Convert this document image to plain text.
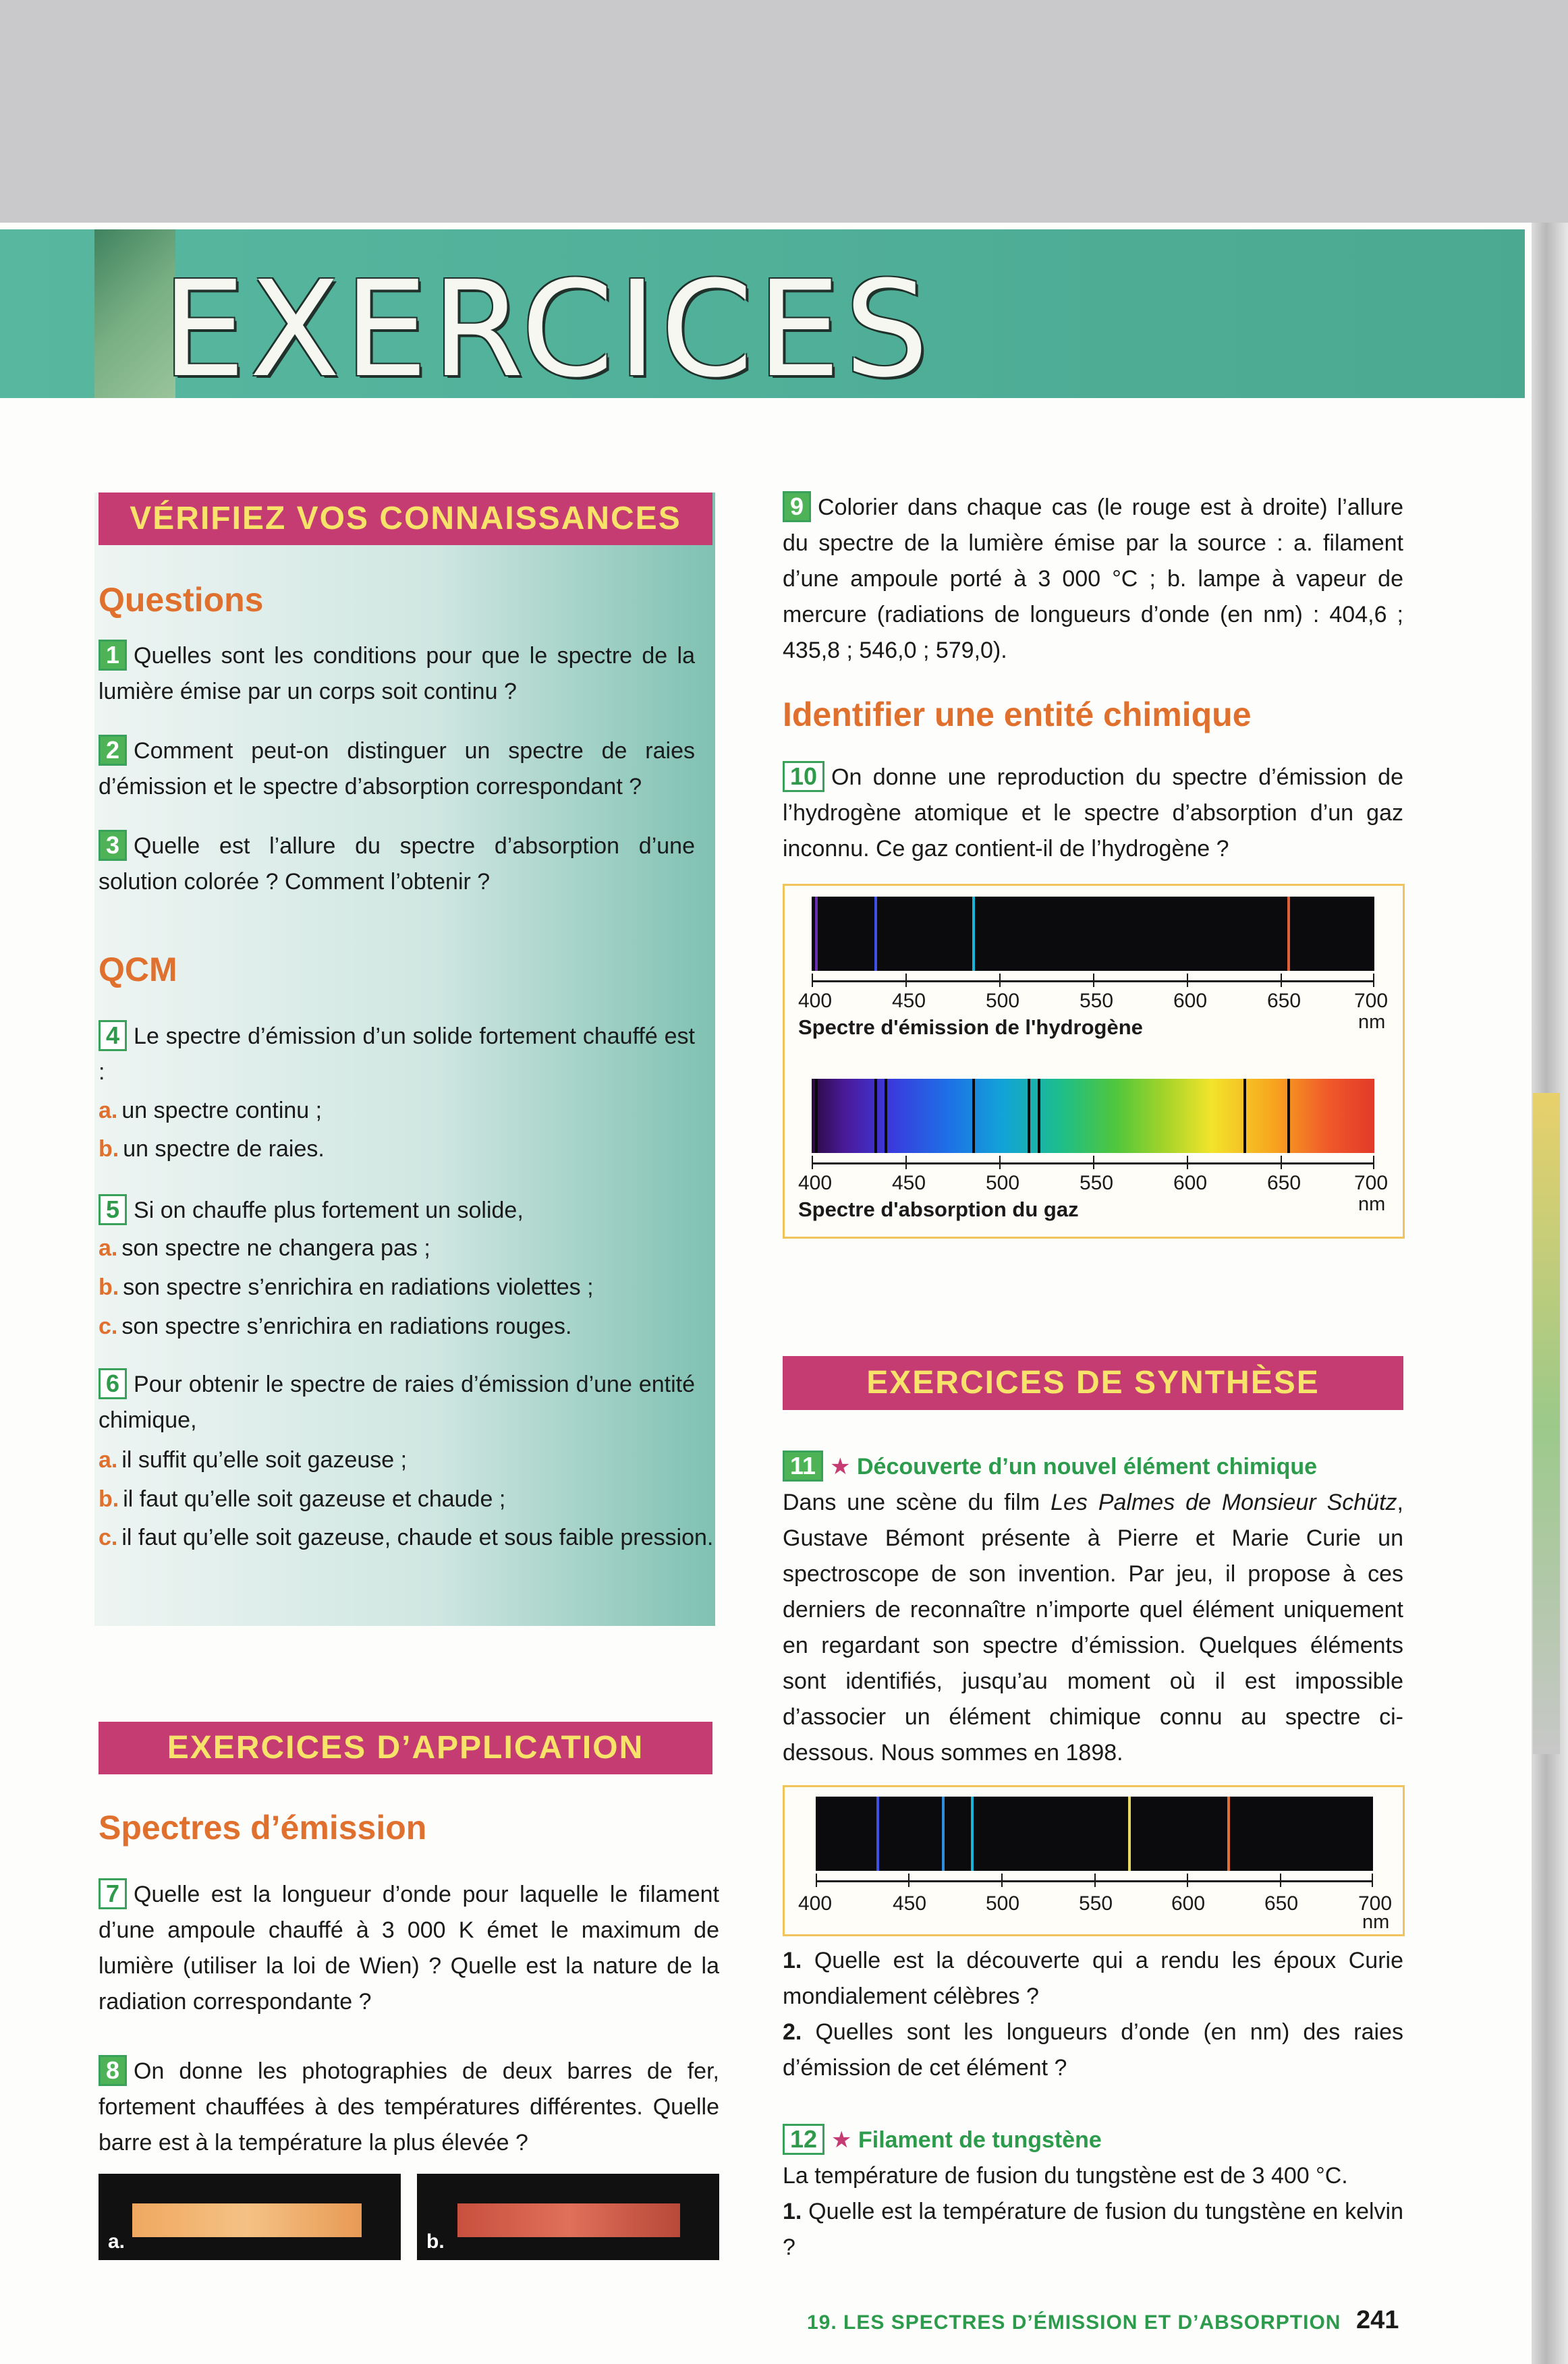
EXERCICES
VÉRIFIEZ VOS CONNAISSANCES
Questions
1 Quelles sont les conditions pour que le spectre de la lumière émise par un corps soit continu ?
2 Comment peut-on distinguer un spectre de raies d’émission et le spectre d’absorption correspondant ?
3 Quelle est l’allure du spectre d’absorption d’une solution colorée ? Comment l’obtenir ?
QCM
4 Le spectre d’émission d’un solide fortement chauffé est :
a. un spectre continu ;
b. un spectre de raies.
5 Si on chauffe plus fortement un solide,
a. son spectre ne changera pas ;
b. son spectre s’enrichira en radiations violettes ;
c. son spectre s’enrichira en radiations rouges.
6 Pour obtenir le spectre de raies d’émission d’une entité chimique,
a. il suffit qu’elle soit gazeuse ;
b. il faut qu’elle soit gazeuse et chaude ;
c. il faut qu’elle soit gazeuse, chaude et sous faible pression.
EXERCICES D’APPLICATION
Spectres d’émission
7 Quelle est la longueur d’onde pour laquelle le filament d’une ampoule chauffé à 3 000 K émet le maximum de lumière (utiliser la loi de Wien) ? Quelle est la nature de la radiation correspondante ?
8 On donne les photographies de deux barres de fer, fortement chauffées à des températures différentes. Quelle barre est à la température la plus élevée ?
a.	b.
9 Colorier dans chaque cas (le rouge est à droite) l’allure du spectre de la lumière émise par la source : a. filament d’une ampoule porté à 3 000 °C ; b. lampe à vapeur de mercure (radiations de longueurs d’onde (en nm) : 404,6 ; 435,8 ; 546,0 ; 579,0).
Identifier une entité chimique
10 On donne une reproduction du spectre d’émission de l’hydrogène atomique et le spectre d’absorption d’un gaz inconnu. Ce gaz contient-il de l’hydrogène ?
400	450	500	550	600	650	700
nm
Spectre d'émission de l'hydrogène
400	450	500	550	600	650	700
nm
Spectre d'absorption du gaz
EXERCICES DE SYNTHÈSE
11 ★ Découverte d’un nouvel élément chimique
Dans une scène du film Les Palmes de Monsieur Schütz, Gustave Bémont présente à Pierre et Marie Curie un spectroscope de son invention. Par jeu, il propose à ces derniers de reconnaître n’importe quel élément uniquement en regardant son spectre d’émission. Quelques éléments sont identifiés, jusqu’au moment où il est impossible d’associer un élément chimique connu au spectre ci-dessous. Nous sommes en 1898.
400	450	500	550	600	650	700
nm
1. Quelle est la découverte qui a rendu les époux Curie mondialement célèbres ?
2. Quelles sont les longueurs d’onde (en nm) des raies d’émission de cet élément ?
12 ★ Filament de tungstène
La température de fusion du tungstène est de 3 400 °C.
1. Quelle est la température de fusion du tungstène en kelvin ?
19. LES SPECTRES D’ÉMISSION ET D’ABSORPTION 241
